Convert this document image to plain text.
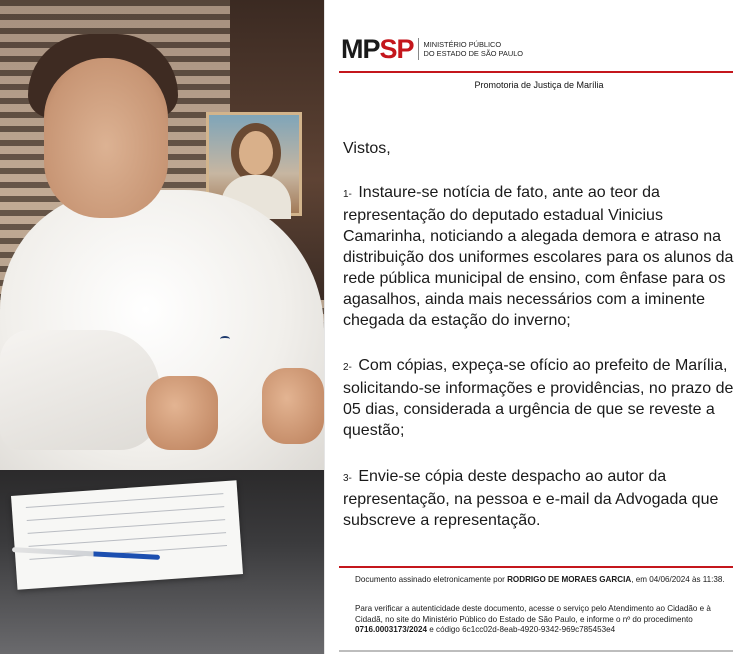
MPSP MINISTÉRIO PÚBLICO
DO ESTADO DE SÃO PAULO
Promotoria de Justiça de Marília
Vistos,
1- Instaure-se notícia de fato, ante ao teor da representação do deputado estadual Vinicius Camarinha, noticiando a alegada demora e atraso na distribuição dos uniformes escolares para os alunos da rede pública municipal de ensino, com ênfase para os agasalhos, ainda mais necessários com a iminente chegada da estação do inverno;
2- Com cópias, expeça-se ofício ao prefeito de Marília, solicitando-se informações e providências, no prazo de 05 dias, considerada a urgência de que se reveste a questão;
3- Envie-se cópia deste despacho ao autor da representação, na pessoa e e-mail da Advogada que subscreve a representação.
Documento assinado eletronicamente por RODRIGO DE MORAES GARCIA, em 04/06/2024 às 11:38.
Para verificar a autenticidade deste documento, acesse o serviço pelo Atendimento ao Cidadão e à Cidadã, no site do Ministério Público do Estado de São Paulo, e informe o nº do procedimento 0716.0003173/2024 e código 6c1cc02d-8eab-4920-9342-969c785453e4
